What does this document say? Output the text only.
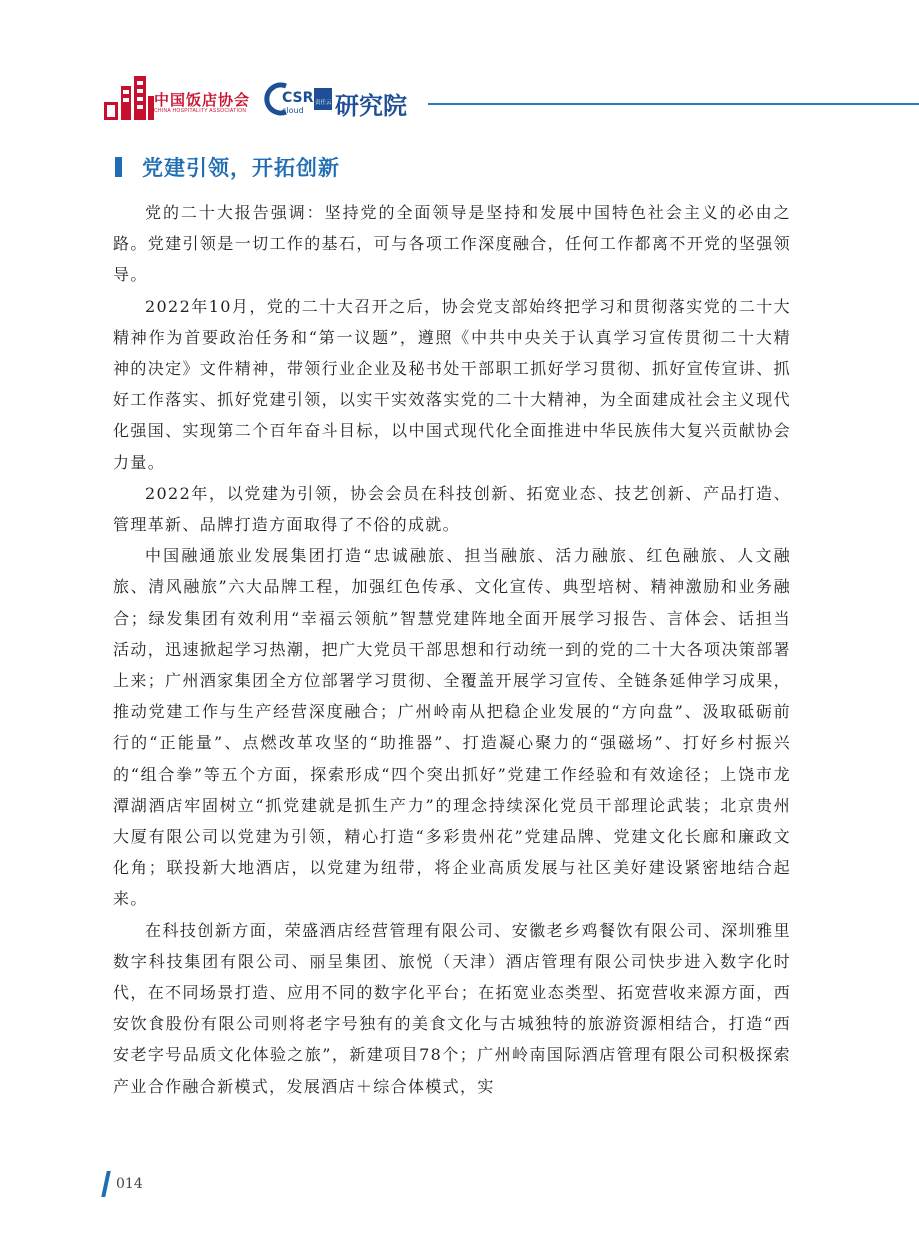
中国饭店协会
CHINA HOSPITALITY ASSOCIATION
CSR
cloud
责任云 研究院
党建引领，开拓创新

党的二十大报告强调：坚持党的全面领导是坚持和发展中国特色社会主义的必由之路。党建引领是一切工作的基石，可与各项工作深度融合，任何工作都离不开党的坚强领导。

2022年10月，党的二十大召开之后，协会党支部始终把学习和贯彻落实党的二十大精神作为首要政治任务和“第一议题”，遵照《中共中央关于认真学习宣传贯彻二十大精神的决定》文件精神，带领行业企业及秘书处干部职工抓好学习贯彻、抓好宣传宣讲、抓好工作落实、抓好党建引领，以实干实效落实党的二十大精神，为全面建成社会主义现代化强国、实现第二个百年奋斗目标，以中国式现代化全面推进中华民族伟大复兴贡献协会力量。

2022年，以党建为引领，协会会员在科技创新、拓宽业态、技艺创新、产品打造、管理革新、品牌打造方面取得了不俗的成就。

中国融通旅业发展集团打造“忠诚融旅、担当融旅、活力融旅、红色融旅、人文融旅、清风融旅”六大品牌工程，加强红色传承、文化宣传、典型培树、精神激励和业务融合；绿发集团有效利用“幸福云领航”智慧党建阵地全面开展学习报告、言体会、话担当活动，迅速掀起学习热潮，把广大党员干部思想和行动统一到的党的二十大各项决策部署上来；广州酒家集团全方位部署学习贯彻、全覆盖开展学习宣传、全链条延伸学习成果，推动党建工作与生产经营深度融合；广州岭南从把稳企业发展的“方向盘”、汲取砥砺前行的“正能量”、点燃改革攻坚的“助推器”、打造凝心聚力的“强磁场”、打好乡村振兴的“组合拳”等五个方面，探索形成“四个突出抓好”党建工作经验和有效途径；上饶市龙潭湖酒店牢固树立“抓党建就是抓生产力”的理念持续深化党员干部理论武装；北京贵州大厦有限公司以党建为引领，精心打造“多彩贵州花”党建品牌、党建文化长廊和廉政文化角；联投新大地酒店，以党建为纽带，将企业高质发展与社区美好建设紧密地结合起来。

在科技创新方面，荣盛酒店经营管理有限公司、安徽老乡鸡餐饮有限公司、深圳雅里数字科技集团有限公司、丽呈集团、旅悦（天津）酒店管理有限公司快步进入数字化时代，在不同场景打造、应用不同的数字化平台；在拓宽业态类型、拓宽营收来源方面，西安饮食股份有限公司则将老字号独有的美食文化与古城独特的旅游资源相结合，打造“西安老字号品质文化体验之旅”，新建项目78个；广州岭南国际酒店管理有限公司积极探索产业合作融合新模式，发展酒店＋综合体模式，实

014
